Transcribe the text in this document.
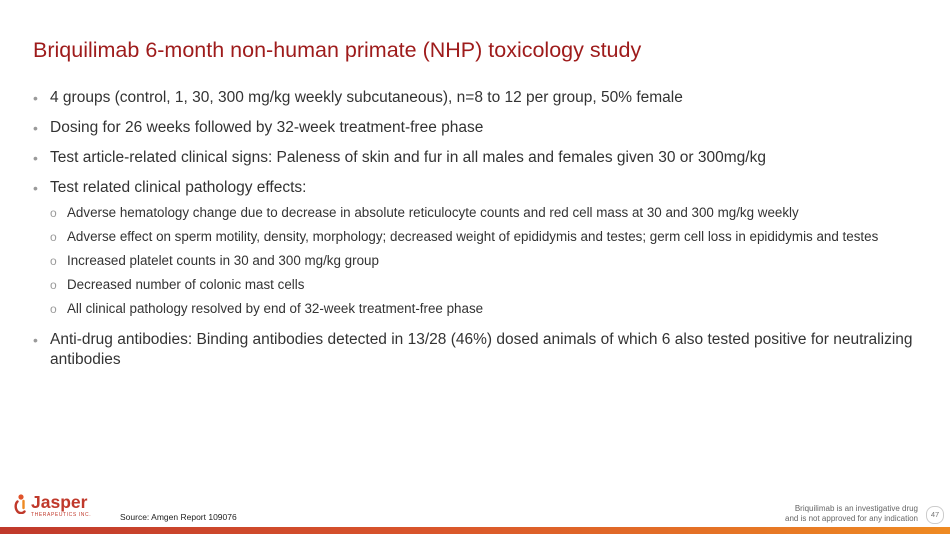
Briquilimab 6-month non-human primate (NHP) toxicology study
• 4 groups (control, 1, 30, 300 mg/kg weekly subcutaneous), n=8 to 12 per group, 50% female
• Dosing for 26 weeks followed by 32-week treatment-free phase
• Test article-related clinical signs: Paleness of skin and fur in all males and females given 30 or 300mg/kg
• Test related clinical pathology effects:
o Adverse hematology change due to decrease in absolute reticulocyte counts and red cell mass at 30 and 300 mg/kg weekly
o Adverse effect on sperm motility, density, morphology; decreased weight of epididymis and testes; germ cell loss in epididymis and testes
o Increased platelet counts in 30 and 300 mg/kg group
o Decreased number of colonic mast cells
o All clinical pathology resolved by end of 32-week treatment-free phase
• Anti-drug antibodies: Binding antibodies detected in 13/28 (46%) dosed animals of which 6 also tested positive for neutralizing antibodies
Jasper
THERAPEUTICS INC.	Source: Amgen Report 109076
Briquilimab is an investigative drug
and is not approved for any indication	47
